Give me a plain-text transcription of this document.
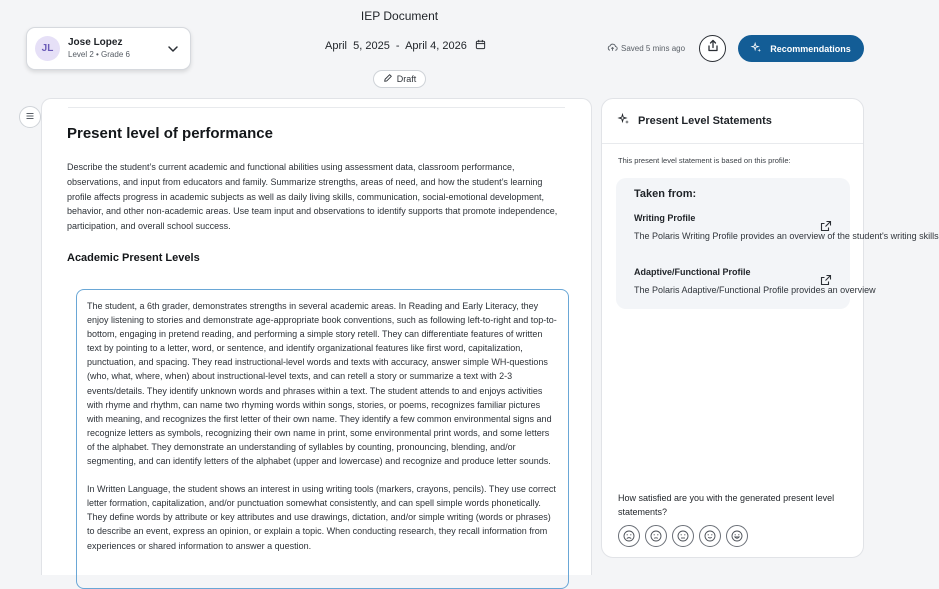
IEP Document
JL
Jose Lopez
Level 2 • Grade 6
April  5, 2025  -  April 4, 2026
Draft
Saved 5 mins ago	Recommendations
Present level of performance
Describe the student’s current academic and functional abilities using assessment data, classroom performance, observations, and input from educators and family. Summarize strengths, areas of need, and how the student’s learning profile affects progress in academic subjects as well as daily living skills, communication, social-emotional development, behavior, and other non-academic areas. Use team input and observations to identify supports that promote independence, participation, and overall school success.
Academic Present Levels

The student, a 6th grader, demonstrates strengths in several academic areas. In Reading and Early Literacy, they enjoy listening to stories and demonstrate age-appropriate book conventions, such as following left-to-right and top-to-bottom, engaging in pretend reading, and performing a simple story retell. They can differentiate features of written text by pointing to a letter, word, or sentence, and identify organizational features like first word, capitalization, punctuation, and spacing. They read instructional-level words and texts with accuracy, answer simple WH-questions (who, what, where, when) about instructional-level texts, and can retell a story or summarize a text with 2-3 events/details. They identify unknown words and phrases within a text. The student attends to and enjoys activities with rhyme and rhythm, can name two rhyming words within songs, stories, or poems, recognizes familiar pictures with meaning, and recognizes the first letter of their own name. They identify a few common environmental signs and recognize letters as symbols, recognizing their own name in print, some environmental print words, and some letters of the alphabet. They demonstrate an understanding of syllables by counting, pronouncing, blending, and/or segmenting, and can identify letters of the alphabet (upper and lowercase) and recognize and produce letter sounds.

In Written Language, the student shows an interest in using writing tools (markers, crayons, pencils). They use correct letter formation, capitalization, and/or punctuation somewhat consistently, and can spell simple words phonetically. They define words by attribute or key attributes and use drawings, dictation, and/or simple writing (words or phrases) to describe an event, express an opinion, or explain a topic. When conducting research, they recall information from experiences or shared information to answer a question.

Present Level Statements
This present level statement is based on this profile:
Taken from:
Writing Profile
The Polaris Writing Profile provides an overview of the student's writing skills
Adaptive/Functional Profile
The Polaris Adaptive/Functional Profile provides an overview
How satisfied are you with the generated present level statements?
